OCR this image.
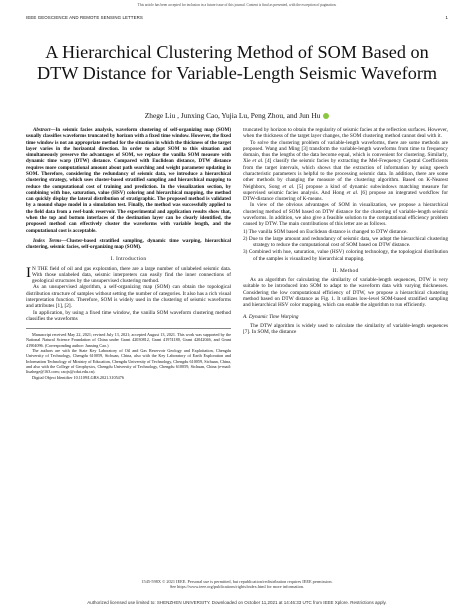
This article has been accepted for inclusion in a future issue of this journal. Content is final as presented, with the exception of pagination.
IEEE GEOSCIENCE AND REMOTE SENSING LETTERS	1
A Hierarchical Clustering Method of SOM Based on DTW Distance for Variable-Length Seismic Waveform
Zhege Liu , Junxing Cao, Yujia Lu, Peng Zhou, and Jun Hu

Abstract—In seismic facies analysis, waveform clustering of self-organizing map (SOM) usually classifies waveforms truncated by horizon with a fixed time window. However, the fixed time window is not an appropriate method for the situation in which the thickness of the target layer varies in the horizontal direction. In order to adapt SOM to this situation and simultaneously preserve the advantages of SOM, we replace the vanilla SOM measure with dynamic time warp (DTW) distance. Compared with Euclidean distance, DTW distance requires more computational amount about path searching and weight parameter updating in SOM. Therefore, considering the redundancy of seismic data, we introduce a hierarchical clustering strategy, which uses cluster-based stratified sampling and hierarchical mapping to reduce the computational cost of training and prediction. In the visualization section, by combining with hue, saturation, value (HSV) coloring and hierarchical mapping, the method can quickly display the lateral distribution of stratigraphic. The proposed method is validated by a mound shape model in a simulation test. Finally, the method was successfully applied to the field data from a reef-bank reservoir. The experimental and application results show that, when the top and bottom interfaces of the destination layer can be clearly identified, the proposed method can effectively cluster the waveforms with variable length, and the computational cost is acceptable.

Index Terms—Cluster-based stratified sampling, dynamic time warping, hierarchical clustering, seismic facies, self-organizing map (SOM).

I. Introduction

I N THE field of oil and gas exploration, there are a large number of unlabeled seismic data. With those unlabeled data, seismic interpreters can easily find the inner connections of geological structures by the unsupervised clustering method.

As an unsupervised algorithm, a self-organizing map (SOM) can obtain the topological distribution structure of samples without setting the number of categories. It also has a rich visual interpretation function. Therefore, SOM is widely used in the clustering of seismic waveforms and attributes [1], [2].

In application, by using a fixed time window, the vanilla SOM waveform clustering method classifies the waveforms

Manuscript received May 22, 2021; revised July 13, 2021; accepted August 13, 2021. This work was supported by the National Natural Science Foundation of China under Grant 42030812, Grant 41974180, Grant 42042046, and Grant 41904096. (Corresponding author: Junxing Cao.)

The authors are with the State Key Laboratory of Oil and Gas Reservoir Geology and Exploitation, Chengdu University of Technology, Chengdu 610059, Sichuan, China, also with the Key Laboratory of Earth Exploration and Information Technology of Ministry of Education, Chengdu University of Technology, Chengdu 610059, Sichuan, China, and also with the College of Geophysics, Chengdu University of Technology, Chengdu 610059, Sichuan, China (e-mail: liuzhege@163.com; caojx@cdut.edu.cn).

Digital Object Identifier 10.1109/LGRS.2021.3105476

truncated by horizon to obtain the regularity of seismic facies at the reflection surfaces. However, when the thickness of the target layer changes, the SOM clustering method cannot deal with it.

To solve the clustering problem of variable-length waveforms, there are some methods are proposed. Wang and Ming [3] transform the variable-length waveforms from time to frequency domain, thus the lengths of the data become equal, which is convenient for clustering. Similarly, Xie et al. [4] classify the seismic facies by extracting the Mel-Frequency Cepstral Coefficients from the target intervals, which shows that the extraction of information by using speech characteristic parameters is helpful to the processing seismic data. In addition, there are some other methods by changing the measure of the clustering algorithm. Based on K-Nearest Neighbors, Song et al. [5] propose a kind of dynamic subwindows matching measure for supervised seismic facies analysis. And Hong et al. [6] propose an integrated workflow for DTW-distance clustering of K-means.

In view of the obvious advantages of SOM in visualization, we propose a hierarchical clustering method of SOM based on DTW distance for the clustering of variable-length seismic waveforms. In addition, we also give a feasible solution to the computational efficiency problem caused by DTW. The main contributions of this letter are as follows.

1) The vanilla SOM based on Euclidean distance is changed to DTW distance.

2) Due to the large amount and redundancy of seismic data, we adopt the hierarchical clustering strategy to reduce the computational cost of SOM based on DTW distance.

3) Combined with hue, saturation, value (HSV) coloring technology, the topological distribution of the samples is visualized by hierarchical mapping.

II. Method

As an algorithm for calculating the similarity of variable-length sequences, DTW is very suitable to be introduced into SOM to adapt to the waveform data with varying thicknesses. Considering the low computational efficiency of DTW, we propose a hierarchical clustering method based on DTW distance as Fig. 1. It utilizes low-level SOM-based stratified sampling and hierarchical HSV color mapping, which can enable the algorithm to run efficiently.

A. Dynamic Time Warping

The DTW algorithm is widely used to calculate the similarity of variable-length sequences [7]. In SOM, the distance

1545-598X © 2021 IEEE. Personal use is permitted, but republication/redistribution requires IEEE permission.
See https://www.ieee.org/publications/rights/index.html for more information.
Authorized licensed use limited to: SHENZHEN UNIVERSITY. Downloaded on October 11,2021 at 14:46:33 UTC from IEEE Xplore. Restrictions apply.
